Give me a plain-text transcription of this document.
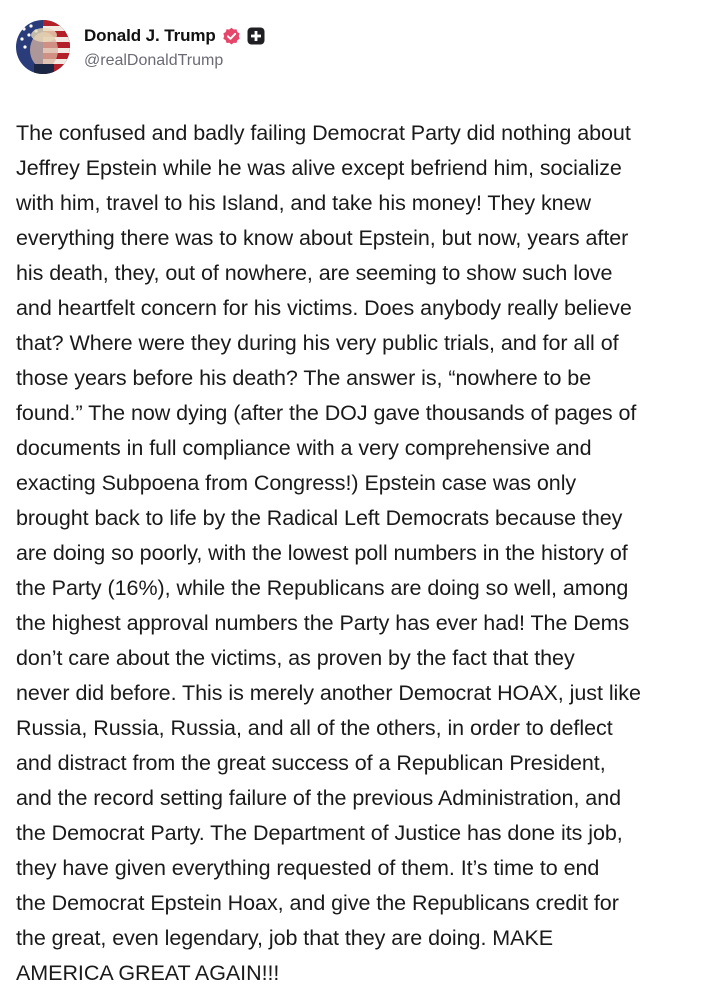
Donald J. Trump
@realDonaldTrump
The confused and badly failing Democrat Party did nothing about
Jeffrey Epstein while he was alive except befriend him, socialize
with him, travel to his Island, and take his money! They knew
everything there was to know about Epstein, but now, years after
his death, they, out of nowhere, are seeming to show such love
and heartfelt concern for his victims. Does anybody really believe
that? Where were they during his very public trials, and for all of
those years before his death? The answer is, “nowhere to be
found.” The now dying (after the DOJ gave thousands of pages of
documents in full compliance with a very comprehensive and
exacting Subpoena from Congress!) Epstein case was only
brought back to life by the Radical Left Democrats because they
are doing so poorly, with the lowest poll numbers in the history of
the Party (16%), while the Republicans are doing so well, among
the highest approval numbers the Party has ever had! The Dems
don’t care about the victims, as proven by the fact that they
never did before. This is merely another Democrat HOAX, just like
Russia, Russia, Russia, and all of the others, in order to deflect
and distract from the great success of a Republican President,
and the record setting failure of the previous Administration, and
the Democrat Party. The Department of Justice has done its job,
they have given everything requested of them. It’s time to end
the Democrat Epstein Hoax, and give the Republicans credit for
the great, even legendary, job that they are doing. MAKE
AMERICA GREAT AGAIN!!!
